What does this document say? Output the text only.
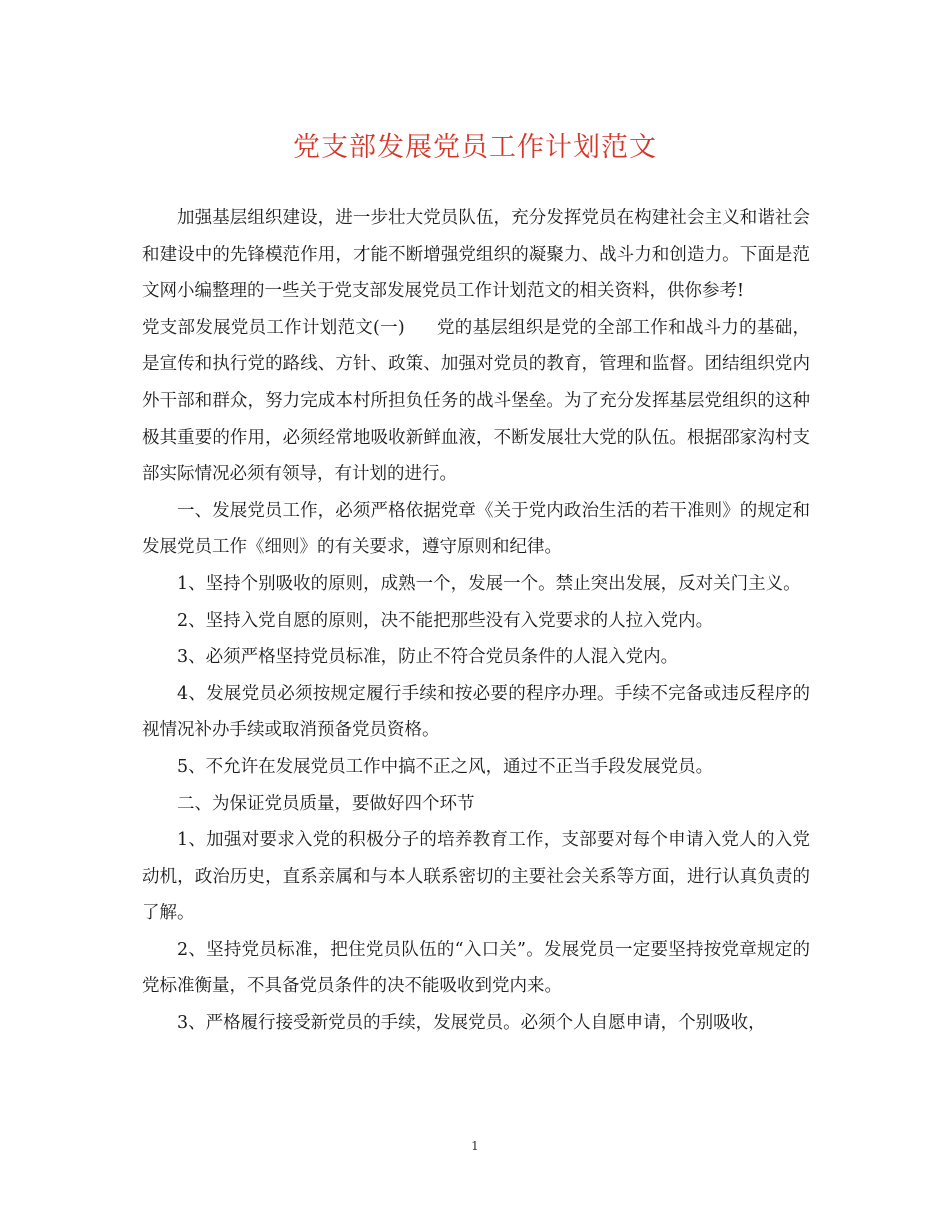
党支部发展党员工作计划范文

加强基层组织建设，进一步壮大党员队伍，充分发挥党员在构建社会主义和谐社会和建设中的先锋模范作用，才能不断增强党组织的凝聚力、战斗力和创造力。下面是范文网小编整理的一些关于党支部发展党员工作计划范文的相关资料，供你参考!

党支部发展党员工作计划范文(一) 党的基层组织是党的全部工作和战斗力的基础，是宣传和执行党的路线、方针、政策、加强对党员的教育，管理和监督。团结组织党内外干部和群众，努力完成本村所担负任务的战斗堡垒。为了充分发挥基层党组织的这种极其重要的作用，必须经常地吸收新鲜血液，不断发展壮大党的队伍。根据邵家沟村支部实际情况必须有领导，有计划的进行。

一、发展党员工作，必须严格依据党章《关于党内政治生活的若干准则》的规定和发展党员工作《细则》的有关要求，遵守原则和纪律。

1、坚持个别吸收的原则，成熟一个，发展一个。禁止突出发展，反对关门主义。

2、坚持入党自愿的原则，决不能把那些没有入党要求的人拉入党内。

3、必须严格坚持党员标准，防止不符合党员条件的人混入党内。

4、发展党员必须按规定履行手续和按必要的程序办理。手续不完备或违反程序的视情况补办手续或取消预备党员资格。

5、不允许在发展党员工作中搞不正之风，通过不正当手段发展党员。

二、为保证党员质量，要做好四个环节

1、加强对要求入党的积极分子的培养教育工作，支部要对每个申请入党人的入党动机，政治历史，直系亲属和与本人联系密切的主要社会关系等方面，进行认真负责的了解。

2、坚持党员标准，把住党员队伍的“入口关”。发展党员一定要坚持按党章规定的党标准衡量，不具备党员条件的决不能吸收到党内来。

3、严格履行接受新党员的手续，发展党员。必须个人自愿申请，个别吸收，

1
